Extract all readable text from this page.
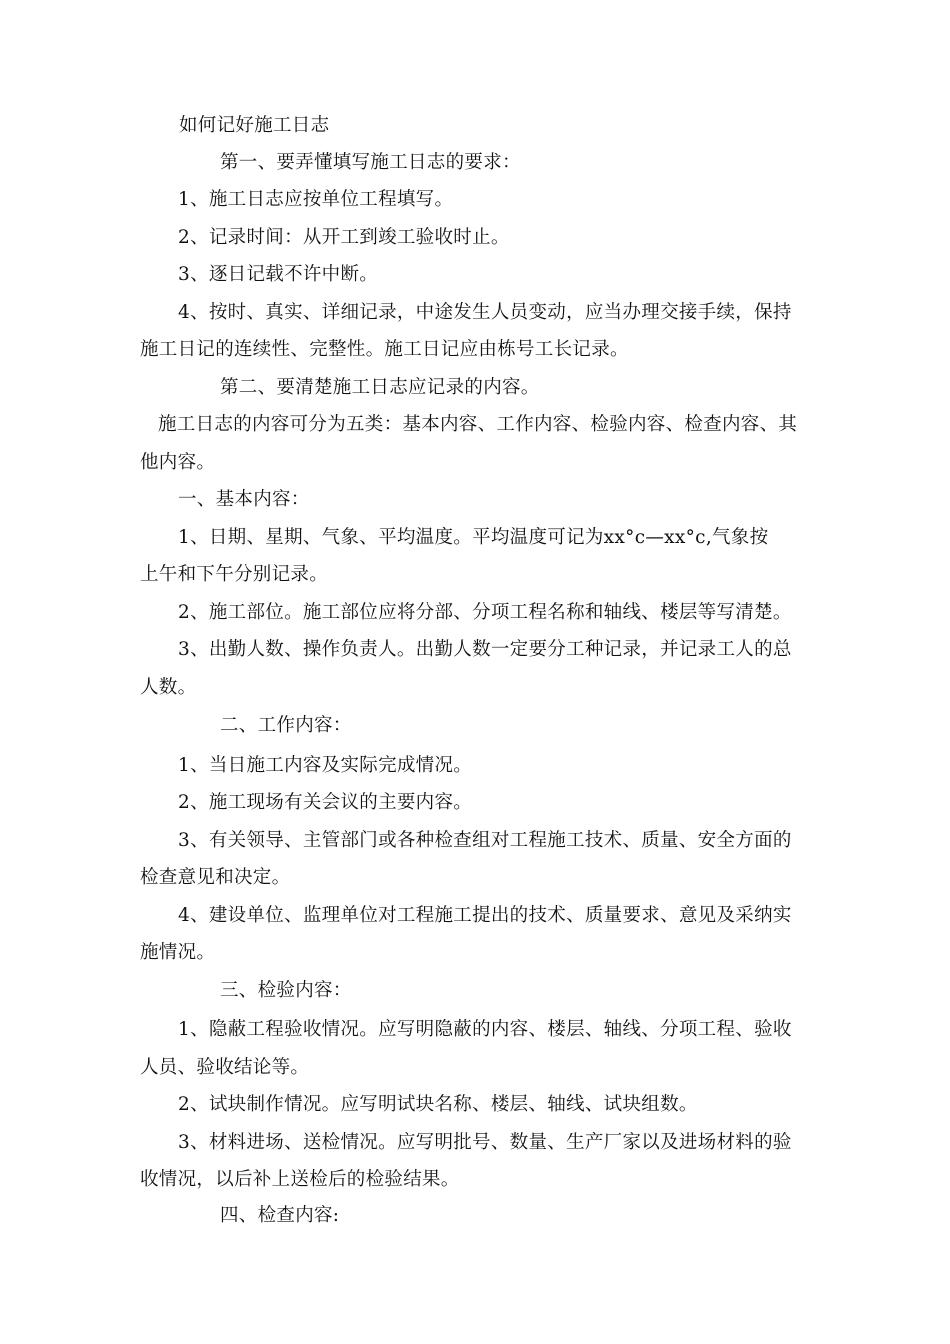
如何记好施工日志
第一、要弄懂填写施工日志的要求：
1、施工日志应按单位工程填写。
2、记录时间：从开工到竣工验收时止。
3、逐日记载不许中断。
4、按时、真实、详细记录，中途发生人员变动，应当办理交接手续，保持
施工日记的连续性、完整性。施工日记应由栋号工长记录。
第二、要清楚施工日志应记录的内容。
施工日志的内容可分为五类：基本内容、工作内容、检验内容、检查内容、其
他内容。
一、基本内容：
1、日期、星期、气象、平均温度。平均温度可记为xx°c—xx°c,气象按
上午和下午分别记录。
2、施工部位。施工部位应将分部、分项工程名称和轴线、楼层等写清楚。
3、出勤人数、操作负责人。出勤人数一定要分工种记录，并记录工人的总
人数。
二、工作内容：
1、当日施工内容及实际完成情况。
2、施工现场有关会议的主要内容。
3、有关领导、主管部门或各种检查组对工程施工技术、质量、安全方面的
检查意见和决定。
4、建设单位、监理单位对工程施工提出的技术、质量要求、意见及采纳实
施情况。
三、检验内容：
1、隐蔽工程验收情况。应写明隐蔽的内容、楼层、轴线、分项工程、验收
人员、验收结论等。
2、试块制作情况。应写明试块名称、楼层、轴线、试块组数。
3、材料进场、送检情况。应写明批号、数量、生产厂家以及进场材料的验
收情况，以后补上送检后的检验结果。
四、检查内容:
